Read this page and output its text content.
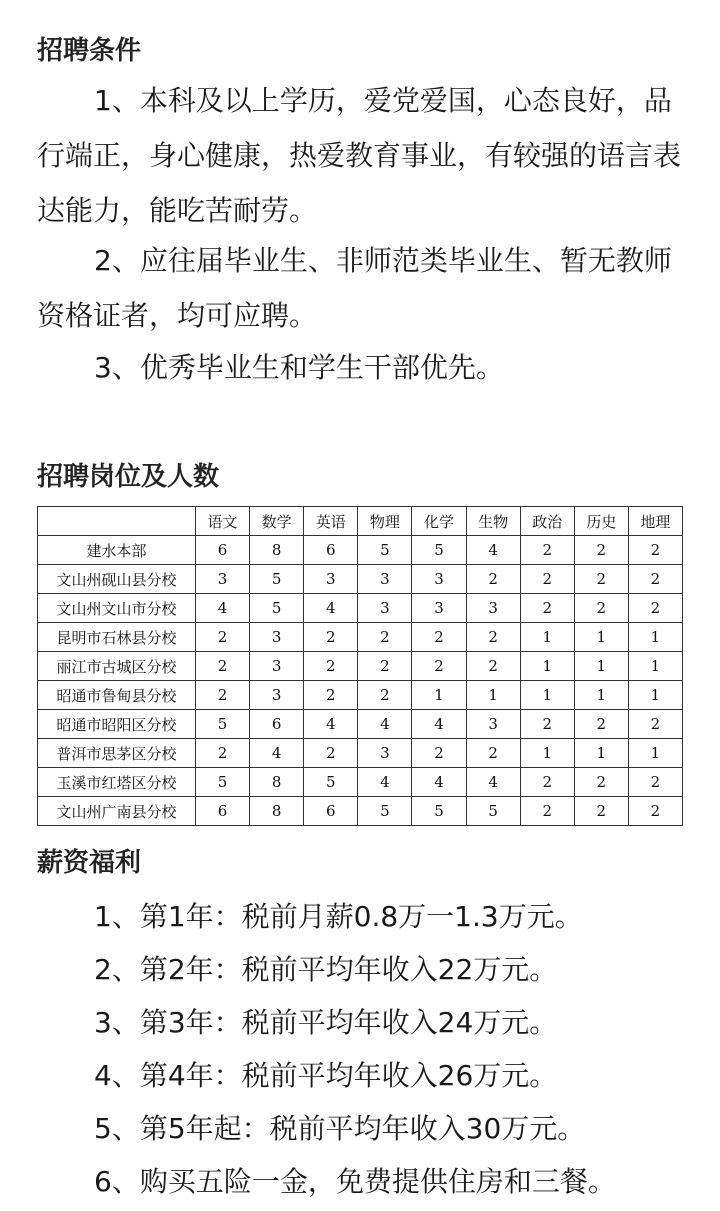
招聘条件

1、本科及以上学历，爱党爱国，心态良好，品行端正，身心健康，热爱教育事业，有较强的语言表达能力，能吃苦耐劳。

2、应往届毕业生、非师范类毕业生、暂无教师资格证者，均可应聘。

3、优秀毕业生和学生干部优先。

招聘岗位及人数
	语文	数学	英语	物理	化学	生物	政治	历史	地理
建水本部	6	8	6	5	5	4	2	2	2
文山州砚山县分校	3	5	3	3	3	2	2	2	2
文山州文山市分校	4	5	4	3	3	3	2	2	2
昆明市石林县分校	2	3	2	2	2	2	1	1	1
丽江市古城区分校	2	3	2	2	2	2	1	1	1
昭通市鲁甸县分校	2	3	2	2	1	1	1	1	1
昭通市昭阳区分校	5	6	4	4	4	3	2	2	2
普洱市思茅区分校	2	4	2	3	2	2	1	1	1
玉溪市红塔区分校	5	8	5	4	4	4	2	2	2
文山州广南县分校	6	8	6	5	5	5	2	2	2
薪资福利

1、第1年：税前月薪0.8万一1.3万元。

2、第2年：税前平均年收入22万元。

3、第3年：税前平均年收入24万元。

4、第4年：税前平均年收入26万元。

5、第5年起：税前平均年收入30万元。

6、购买五险一金，免费提供住房和三餐。
